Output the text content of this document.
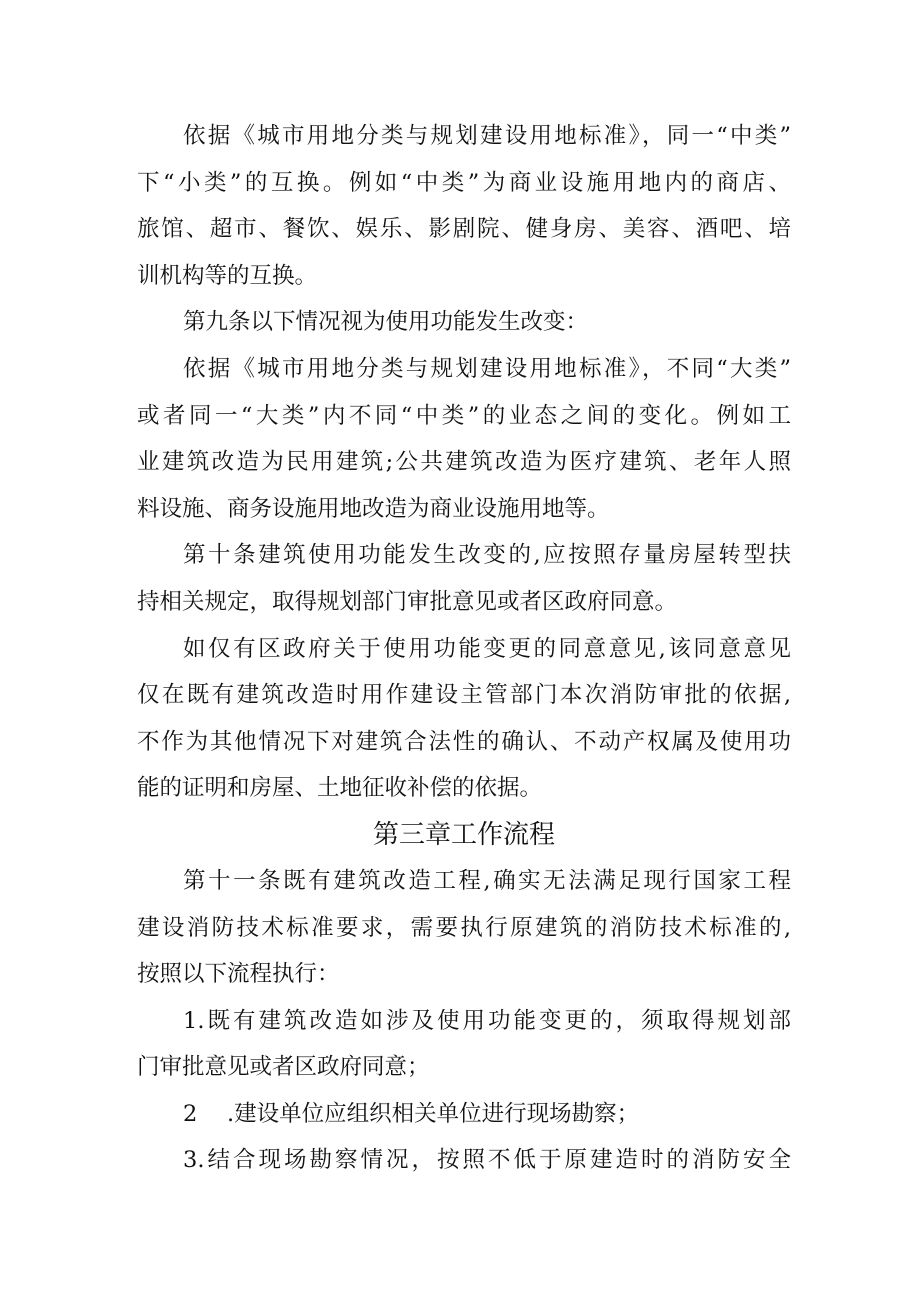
依据《城市用地分类与规划建设用地标准》，同一“中类”
下“小类”的互换。例如“中类”为商业设施用地内的商店、
旅馆、超市、餐饮、娱乐、影剧院、健身房、美容、酒吧、培
训机构等的互换。
第九条以下情况视为使用功能发生改变：
依据《城市用地分类与规划建设用地标准》，不同“大类”
或者同一“大类”内不同“中类”的业态之间的变化。例如工
业建筑改造为民用建筑;公共建筑改造为医疗建筑、老年人照
料设施、商务设施用地改造为商业设施用地等。
第十条建筑使用功能发生改变的,应按照存量房屋转型扶
持相关规定，取得规划部门审批意见或者区政府同意。
如仅有区政府关于使用功能变更的同意意见,该同意意见
仅在既有建筑改造时用作建设主管部门本次消防审批的依据,
不作为其他情况下对建筑合法性的确认、不动产权属及使用功
能的证明和房屋、土地征收补偿的依据。
第三章工作流程
第十一条既有建筑改造工程,确实无法满足现行国家工程
建设消防技术标准要求，需要执行原建筑的消防技术标准的,
按照以下流程执行：
1.既有建筑改造如涉及使用功能变更的，须取得规划部
门审批意见或者区政府同意；
2　 .建设单位应组织相关单位进行现场勘察；
3.结合现场勘察情况，按照不低于原建造时的消防安全
